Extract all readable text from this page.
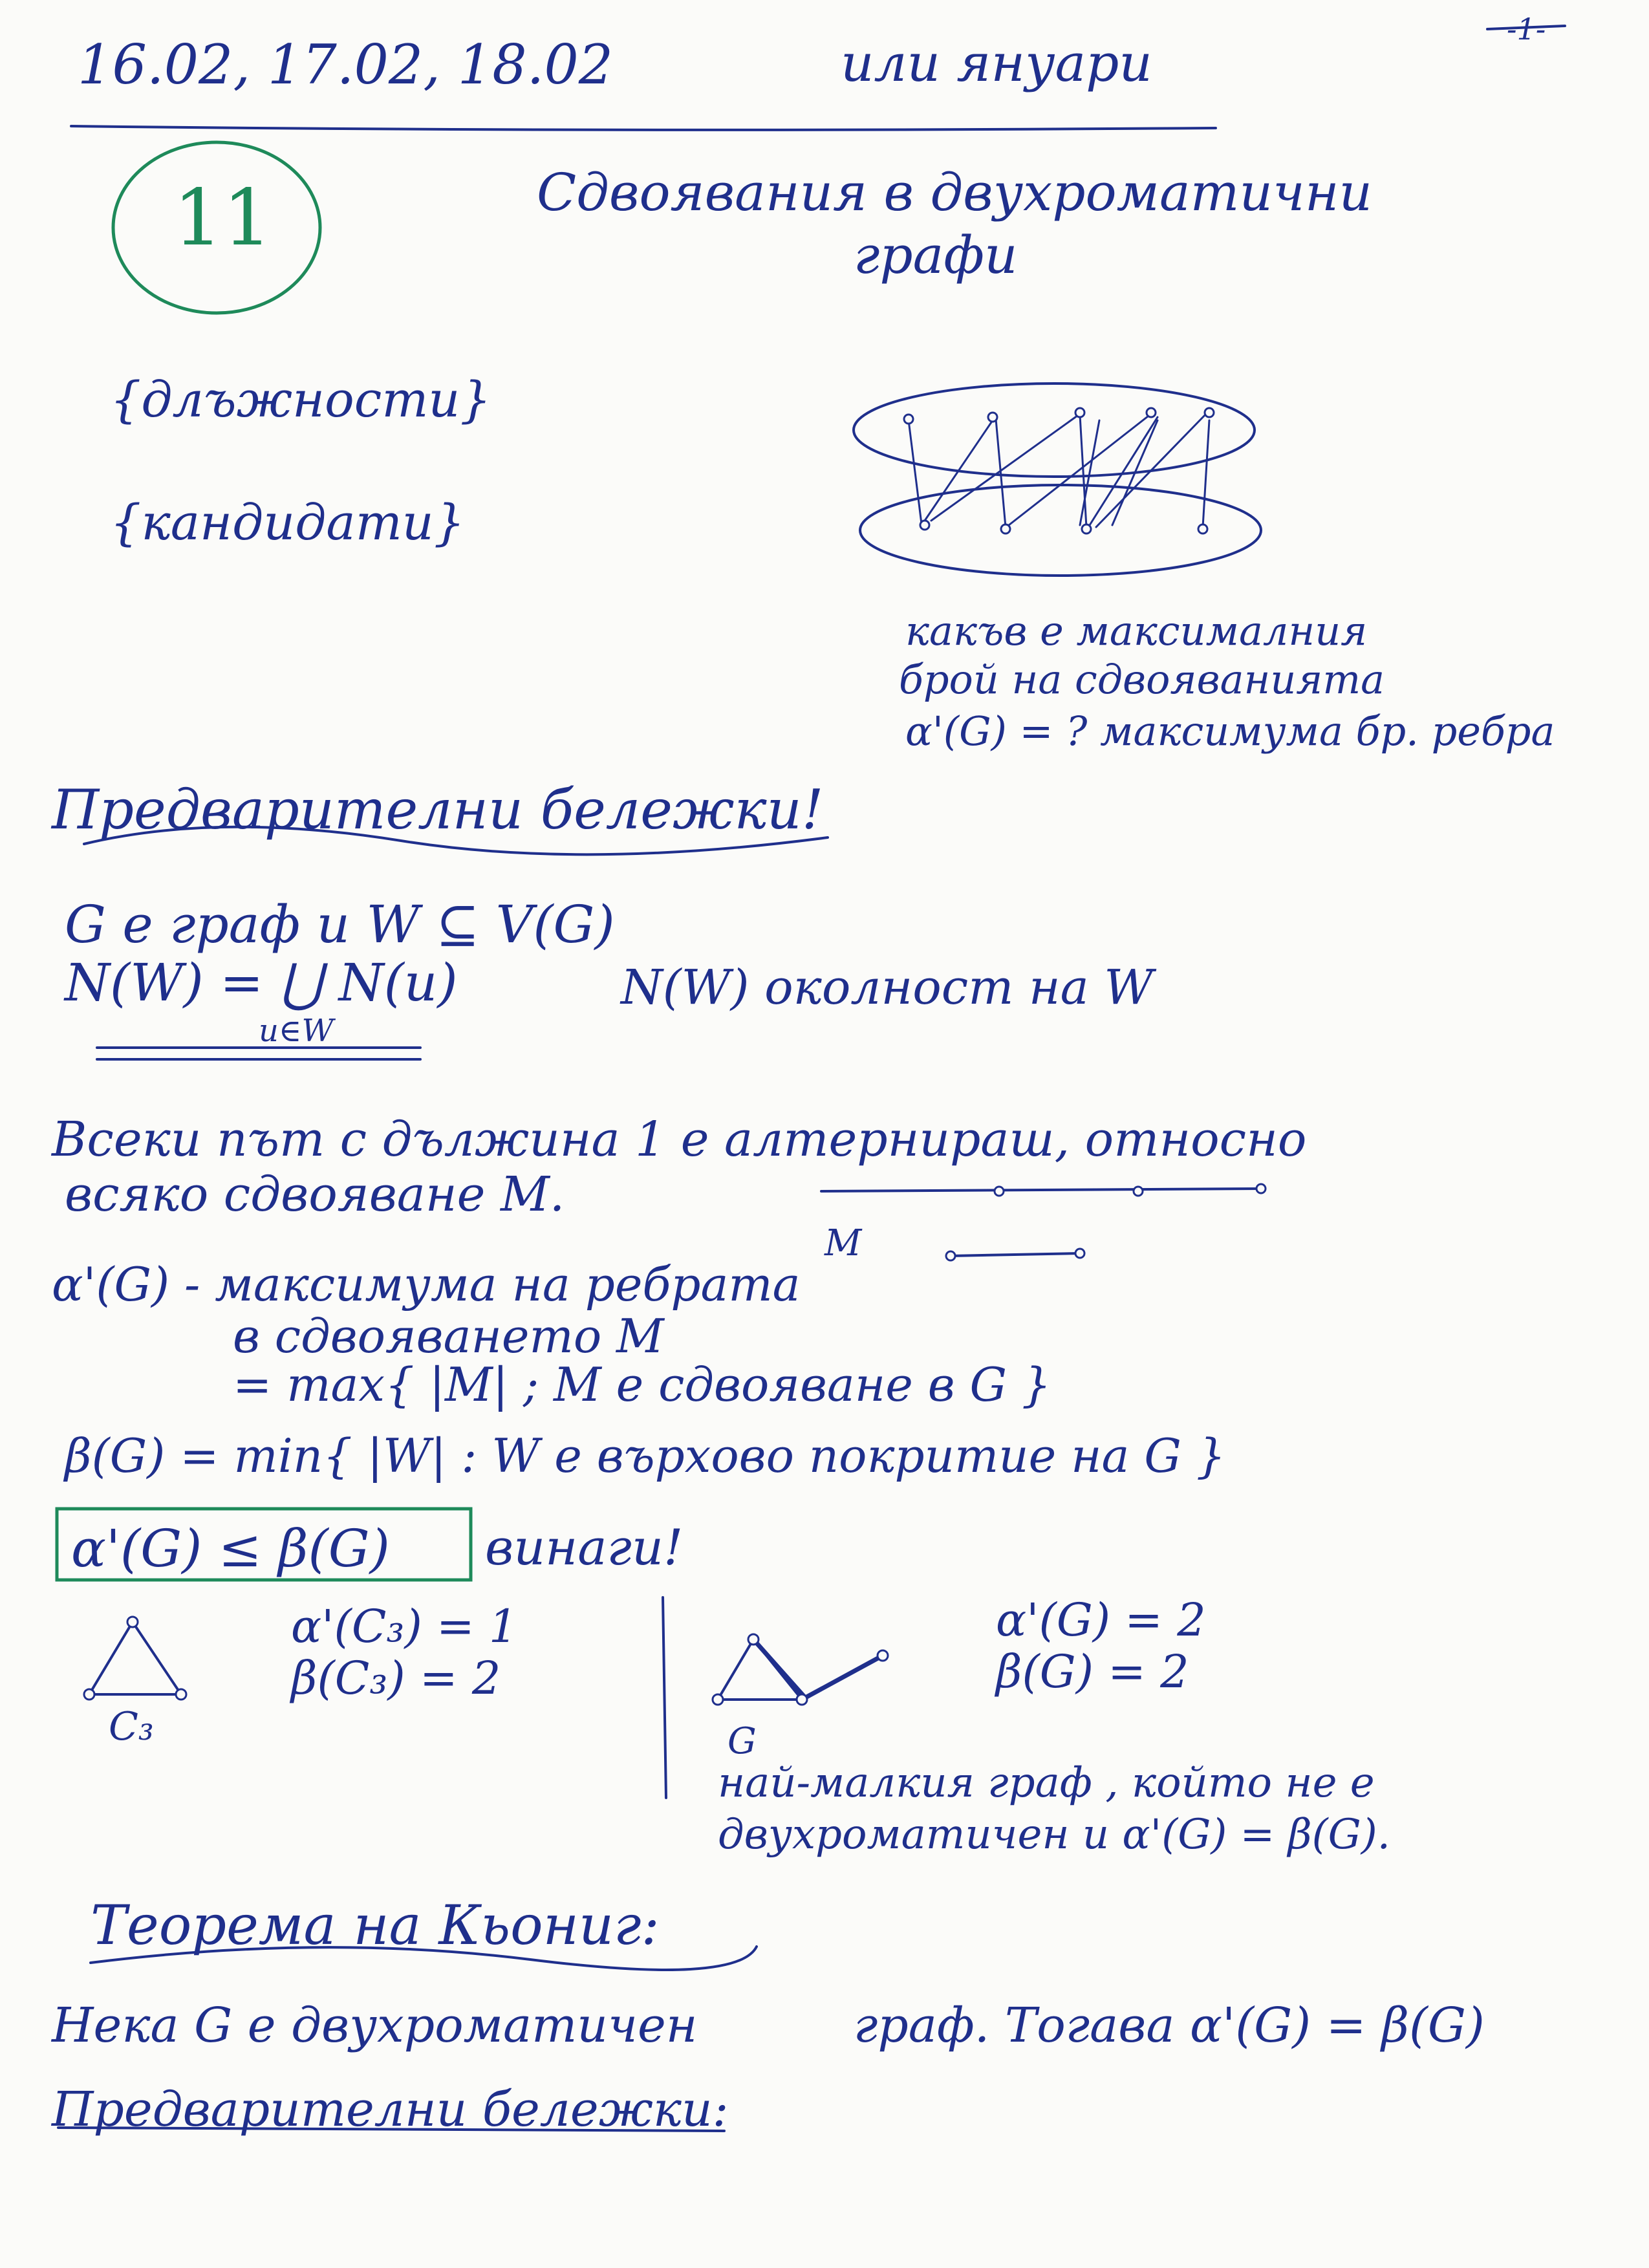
-1-
16.02, 17.02, 18.02	или януари
11	Сдвоявания в двухроматични
графи
{длъжности}
{кандидати}
какъв е максималния
брой на сдвояванията
α'(G) = ? максимума бр. ребра
Предварителни бележки!
G е граф и W ⊆ V(G)
N(W) = ⋃ N(u)
u∈W
N(W) околност на W
Всеки път с дължина 1 е алтернираш, относно
всяко сдвояване M.
M
α'(G) - максимума на ребрата
в сдвояването M
= max{ |M| ; M е сдвояване в G }
β(G) = min{ |W| : W е върхово покритие на G }
α'(G) ≤ β(G) винаги!
α'(C₃) = 1
β(C₃) = 2
C₃
α'(G) = 2
β(G) = 2
G
най-малкия граф , който не е
двухроматичен и α'(G) = β(G).
Теорема на Кьониг:
Нека G е двухроматичен	граф. Тогава α'(G) = β(G)
Предварителни бележки:
